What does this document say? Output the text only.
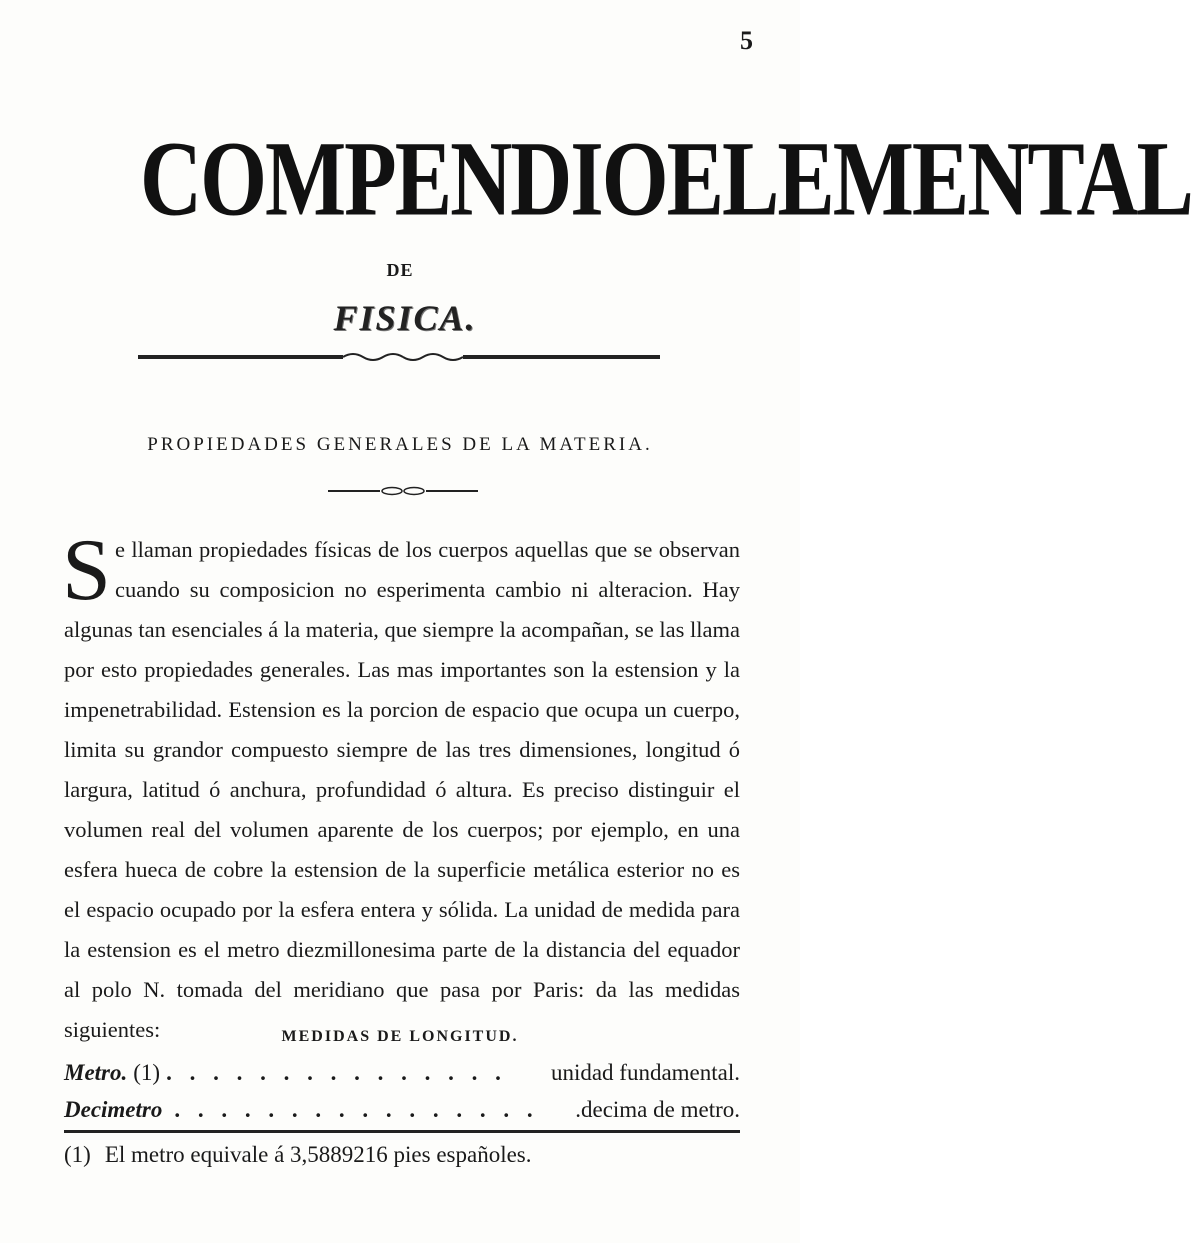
5
COMPENDIO ELEMENTAL
DE
FISICA.
PROPIEDADES GENERALES DE LA MATERIA.

Se llaman propiedades físicas de los cuerpos aquellas que se observan cuando su composicion no esperimenta cambio ni alteracion. Hay algunas tan esenciales á la materia, que siempre la acompañan, se las llama por esto propiedades generales. Las mas importantes son la estension y la impenetrabilidad. Estension es la porcion de espacio que ocupa un cuerpo, limita su grandor compuesto siempre de las tres dimensiones, longitud ó largura, latitud ó anchura, profundidad ó altura. Es preciso distinguir el volumen real del volumen aparente de los cuerpos; por ejemplo, en una esfera hueca de cobre la estension de la superficie metálica esterior no es el espacio ocupado por la esfera entera y sólida. La unidad de medida para la estension es el metro diezmillonesima parte de la distancia del equador al polo N. tomada del meridiano que pasa por Paris: da las medidas siguientes:	MEDIDAS DE LONGITUD.
Metro. (1) . . . . . . . . . . . . . . .	unidad fundamental.
Decimetro . . . . . . . . . . . . . . . .	.decima de metro.
(1) El metro equivale á 3,5889216 pies españoles.
